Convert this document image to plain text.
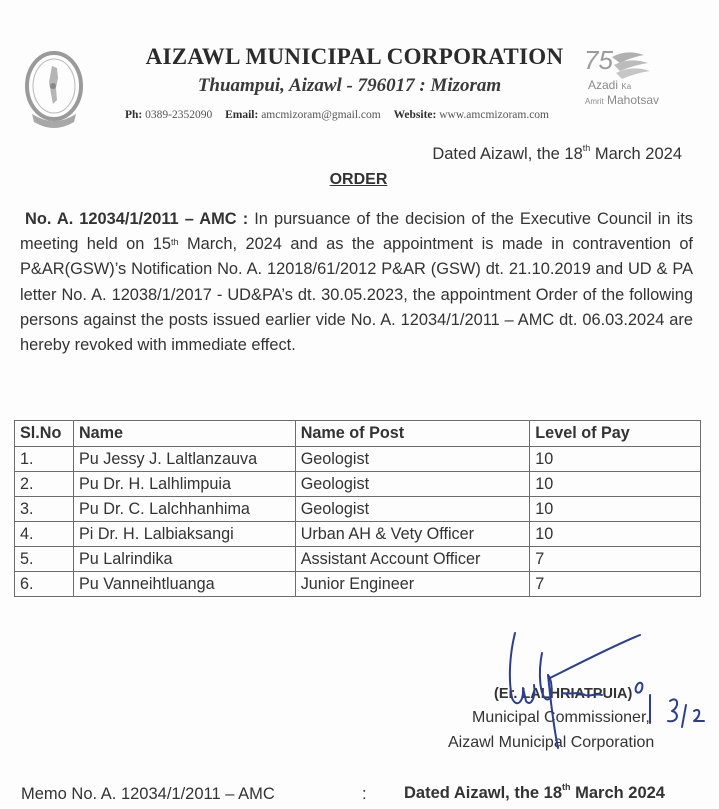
AIZAWL MUNICIPAL CORPORATION
Thuampui, Aizawl - 796017 : Mizoram
Ph: 0389-2352090 Email: amcmizoram@gmail.com Website: www.amcmizoram.com
75
Azadi Ka
Amrit Mahotsav
Dated Aizawl, the 18th March 2024
ORDER
No. A. 12034/1/2011 – AMC : In pursuance of the decision of the Executive Council in its meeting held on 15th March, 2024 and as the appointment is made in contravention of P&AR(GSW)’s Notification No. A. 12018/61/2012 P&AR (GSW) dt. 21.10.2019 and UD & PA letter No. A. 12038/1/2017 - UD&PA’s dt. 30.05.2023, the appointment Order of the following persons against the posts issued earlier vide No. A. 12034/1/2011 – AMC dt. 06.03.2024 are hereby revoked with immediate effect.
Sl.No	Name	Name of Post	Level of Pay
1.	Pu Jessy J. Laltlanzauva	Geologist	10
2.	Pu Dr. H. Lalhlimpuia	Geologist	10
3.	Pu Dr. C. Lalchhanhima	Geologist	10
4.	Pi Dr. H. Lalbiaksangi	Urban AH & Vety Officer	10
5.	Pu Lalrindika	Assistant Account Officer	7
6.	Pu Vanneihtluanga	Junior Engineer	7
(Er. LALHRIATPUIA)
Municipal Commissioner,
Aizawl Municipal Corporation
Memo No. A. 12034/1/2011 – AMC	: Dated Aizawl, the 18th March 2024
